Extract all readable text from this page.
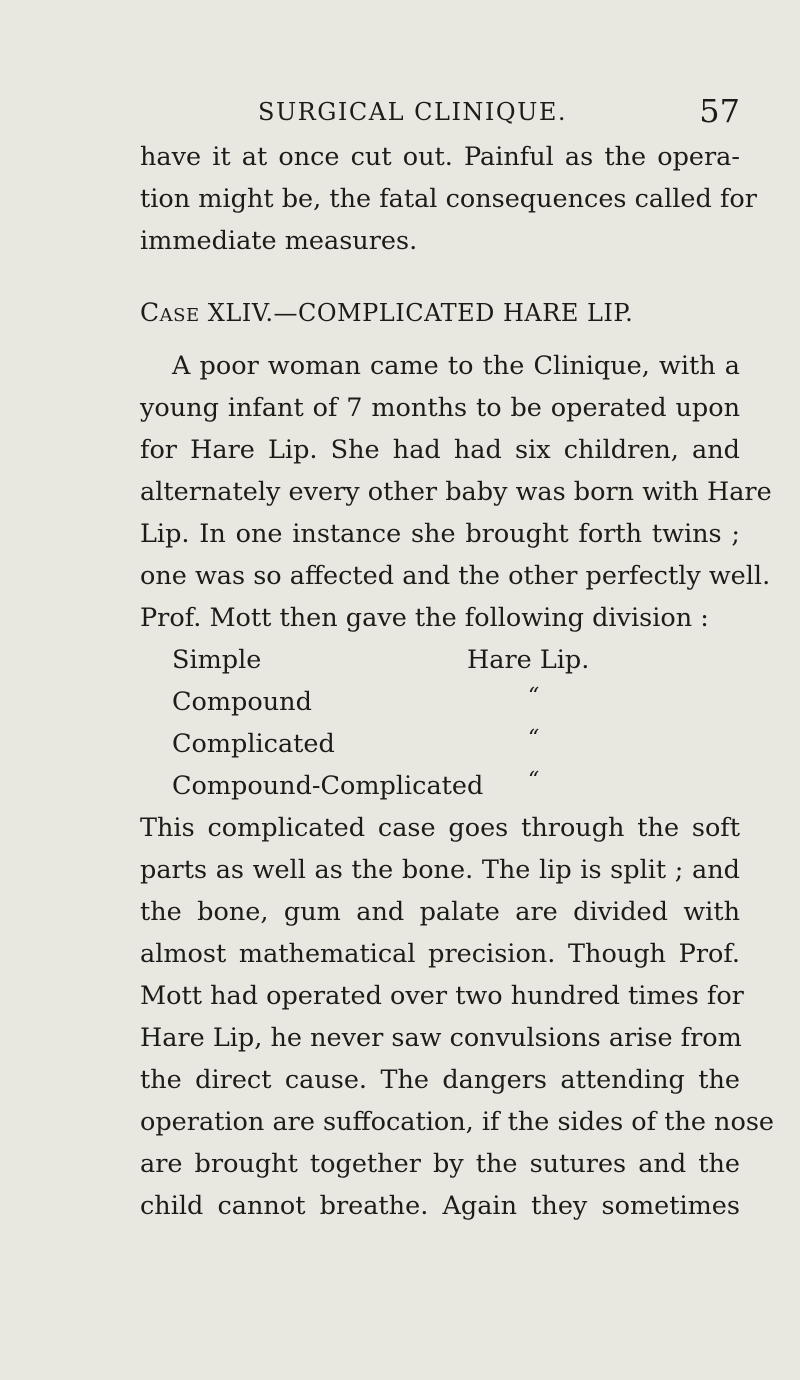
SURGICAL CLINIQUE.	57
have it at once cut out. Painful as the opera-
tion might be, the fatal consequences called for
immediate measures.
Case XLIV.—COMPLICATED HARE LIP.
A poor woman came to the Clinique, with a
young infant of 7 months to be operated upon
for Hare Lip. She had had six children, and
alternately every other baby was born with Hare
Lip. In one instance she brought forth twins ;
one was so affected and the other perfectly well.
Prof. Mott then gave the following division :
Simple	Hare Lip.
Compound	“
Complicated	“
Compound-Complicated “
This complicated case goes through the soft
parts as well as the bone. The lip is split ; and
the bone, gum and palate are divided with
almost mathematical precision. Though Prof.
Mott had operated over two hundred times for
Hare Lip, he never saw convulsions arise from
the direct cause. The dangers attending the
operation are suffocation, if the sides of the nose
are brought together by the sutures and the
child cannot breathe. Again they sometimes
